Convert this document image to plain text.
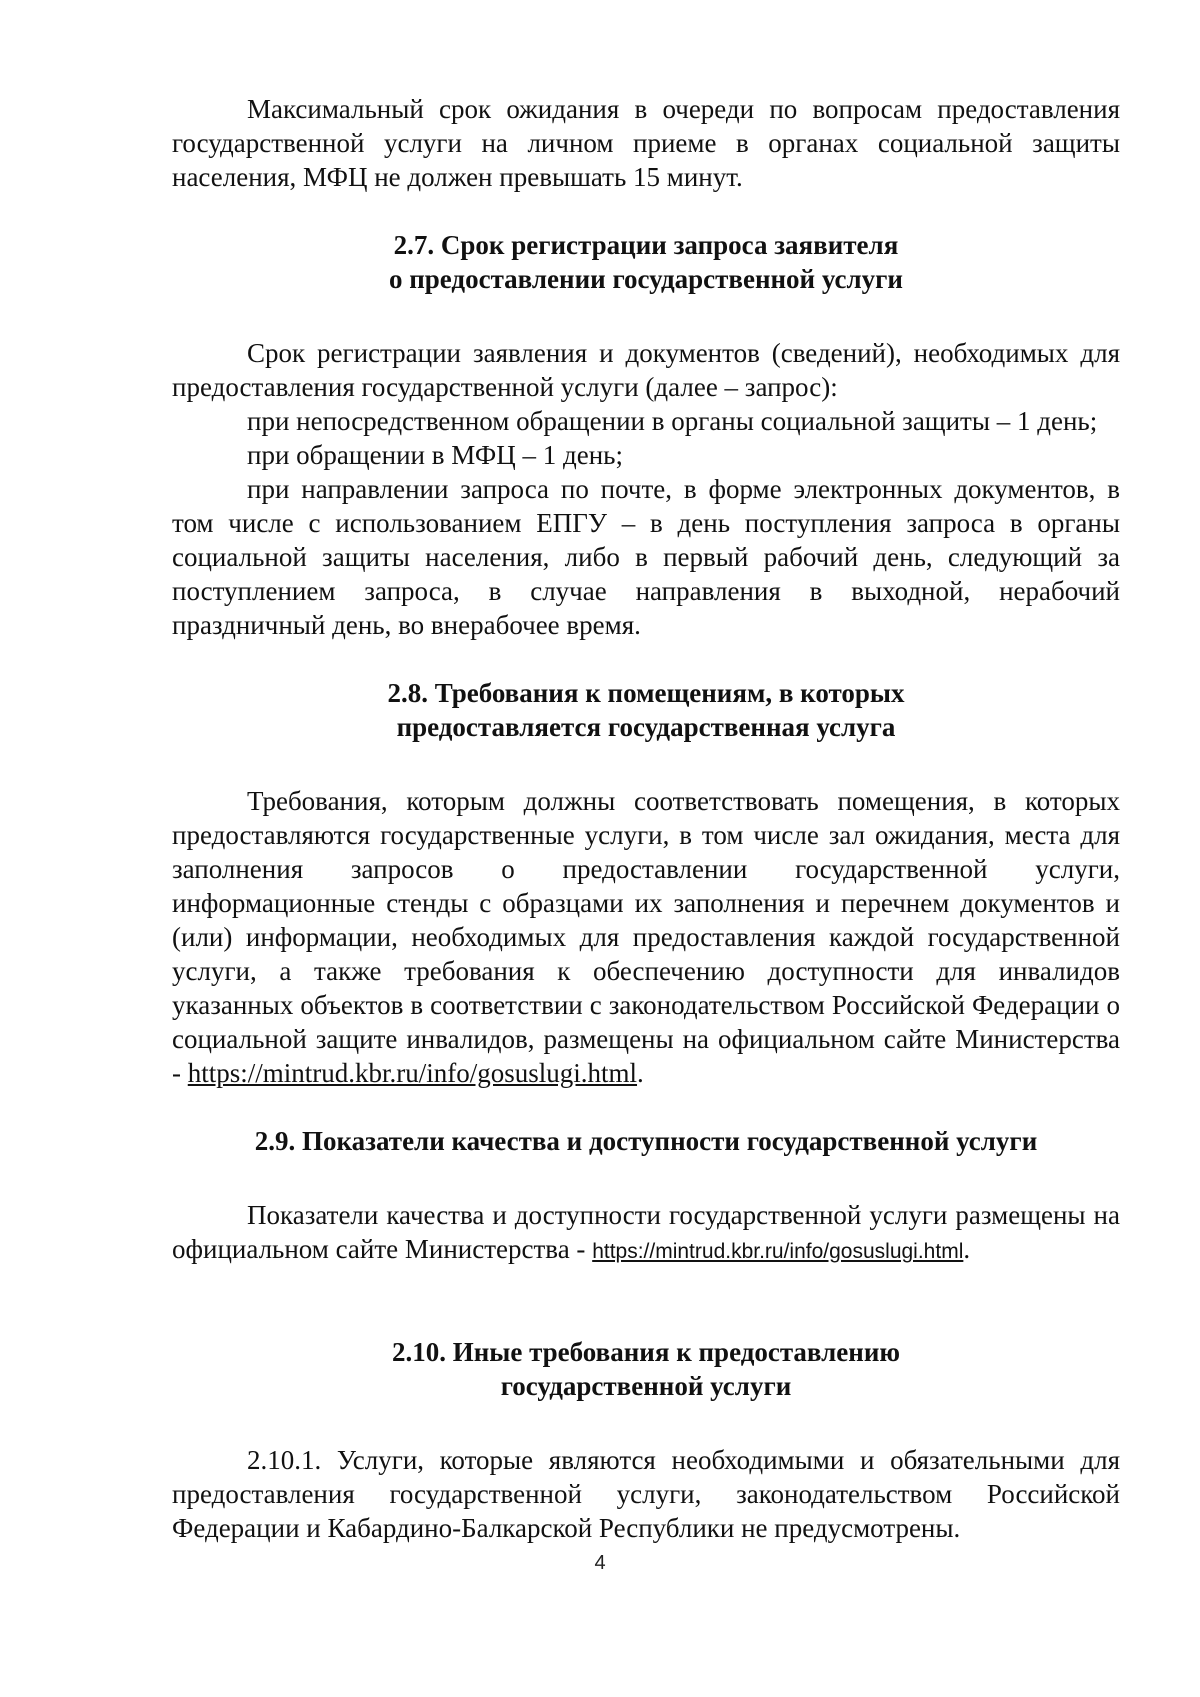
Максимальный срок ожидания в очереди по вопросам предоставления государственной услуги на личном приеме в органах социальной защиты населения, МФЦ не должен превышать 15 минут.

2.7. Срок регистрации запроса заявителя

о предоставлении государственной услуги

Срок регистрации заявления и документов (сведений), необходимых для предоставления государственной услуги (далее – запрос):

при непосредственном обращении в органы социальной защиты – 1 день;

при обращении в МФЦ – 1 день;

при направлении запроса по почте, в форме электронных документов, в том числе с использованием ЕПГУ – в день поступления запроса в органы социальной защиты населения, либо в первый рабочий день, следующий за поступлением запроса, в случае направления в выходной, нерабочий праздничный день, во внерабочее время.

2.8. Требования к помещениям, в которых

предоставляется государственная услуга

Требования, которым должны соответствовать помещения, в которых предоставляются государственные услуги, в том числе зал ожидания, места для заполнения запросов о предоставлении государственной услуги, информационные стенды с образцами их заполнения и перечнем документов и (или) информации, необходимых для предоставления каждой государственной услуги, а также требования к обеспечению доступности для инвалидов указанных объектов в соответствии с законодательством Российской Федерации о социальной защите инвалидов, размещены на официальном сайте Министерства - https://mintrud.kbr.ru/info/gosuslugi.html.

2.9. Показатели качества и доступности государственной услуги

Показатели качества и доступности государственной услуги размещены на официальном сайте Министерства - https://mintrud.kbr.ru/info/gosuslugi.html.

2.10. Иные требования к предоставлению

государственной услуги

2.10.1. Услуги, которые являются необходимыми и обязательными для предоставления государственной услуги, законодательством Российской Федерации и Кабардино-Балкарской Республики не предусмотрены.

4
